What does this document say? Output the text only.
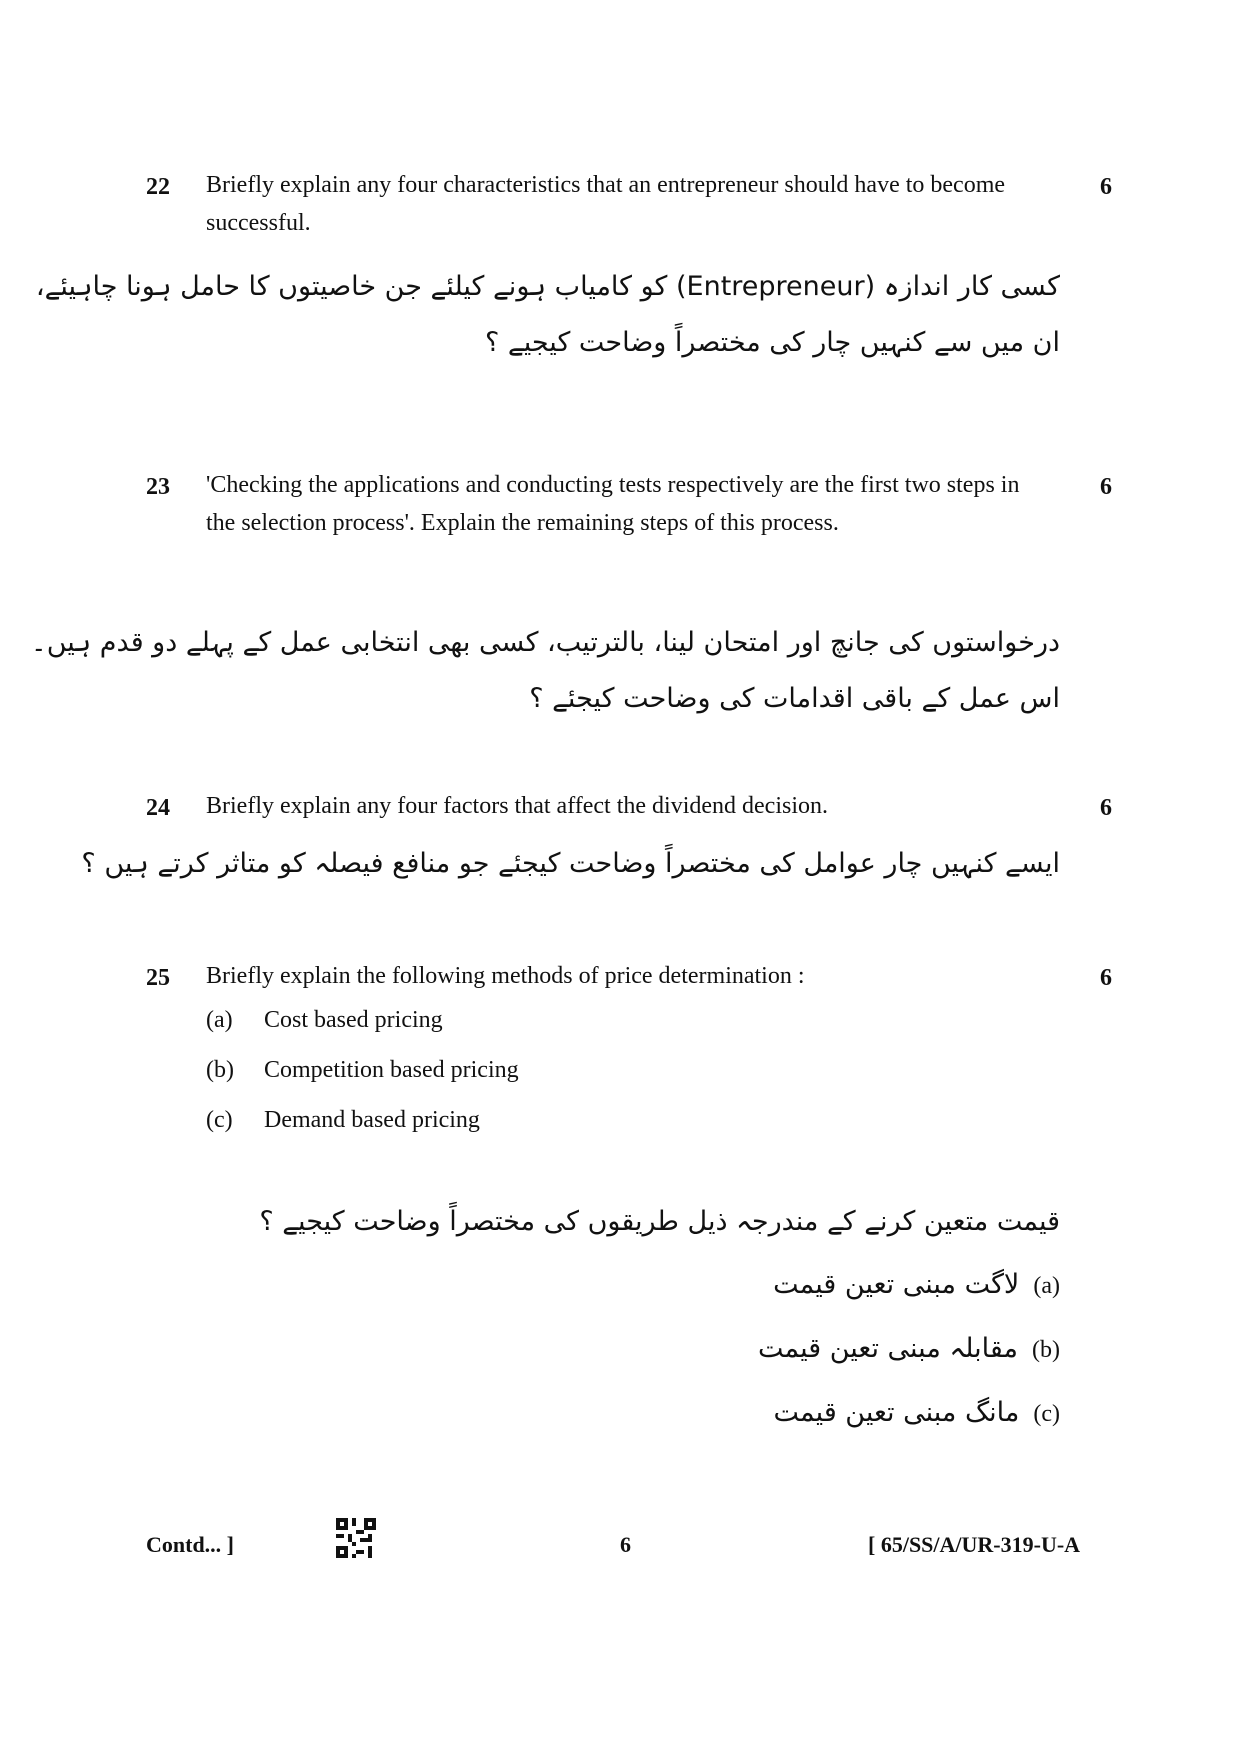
22 Briefly explain any four characteristics that an entrepreneur should have to become successful.
6
کسی کار اندازہ (Entrepreneur) کو کامیاب ہونے کیلئے جن خاصیتوں کا حامل ہونا چاہیئے،
ان میں سے کنہیں چار کی مختصراً وضاحت کیجیے ؟
23 'Checking the applications and conducting tests respectively are the first two steps in the selection process'. Explain the remaining steps of this process.
6
درخواستوں کی جانچ اور امتحان لینا، بالترتیب، کسی بھی انتخابی عمل کے پہلے دو قدم ہیں۔
اس عمل کے باقی اقدامات کی وضاحت کیجئے ؟
24 Briefly explain any four factors that affect the dividend decision.	6
ایسے کنہیں چار عوامل کی مختصراً وضاحت کیجئے جو منافع فیصلہ کو متاثر کرتے ہیں ؟
25 Briefly explain the following methods of price determination :	6
(a) Cost based pricing
(b) Competition based pricing
(c) Demand based pricing
قیمت متعین کرنے کے مندرجہ ذیل طریقوں کی مختصراً وضاحت کیجیے ؟
(a)لاگت مبنی تعین قیمت
(b)مقابلہ مبنی تعین قیمت
(c)مانگ مبنی تعین قیمت
Contd... ]	6	[ 65/SS/A/UR-319-U-A
